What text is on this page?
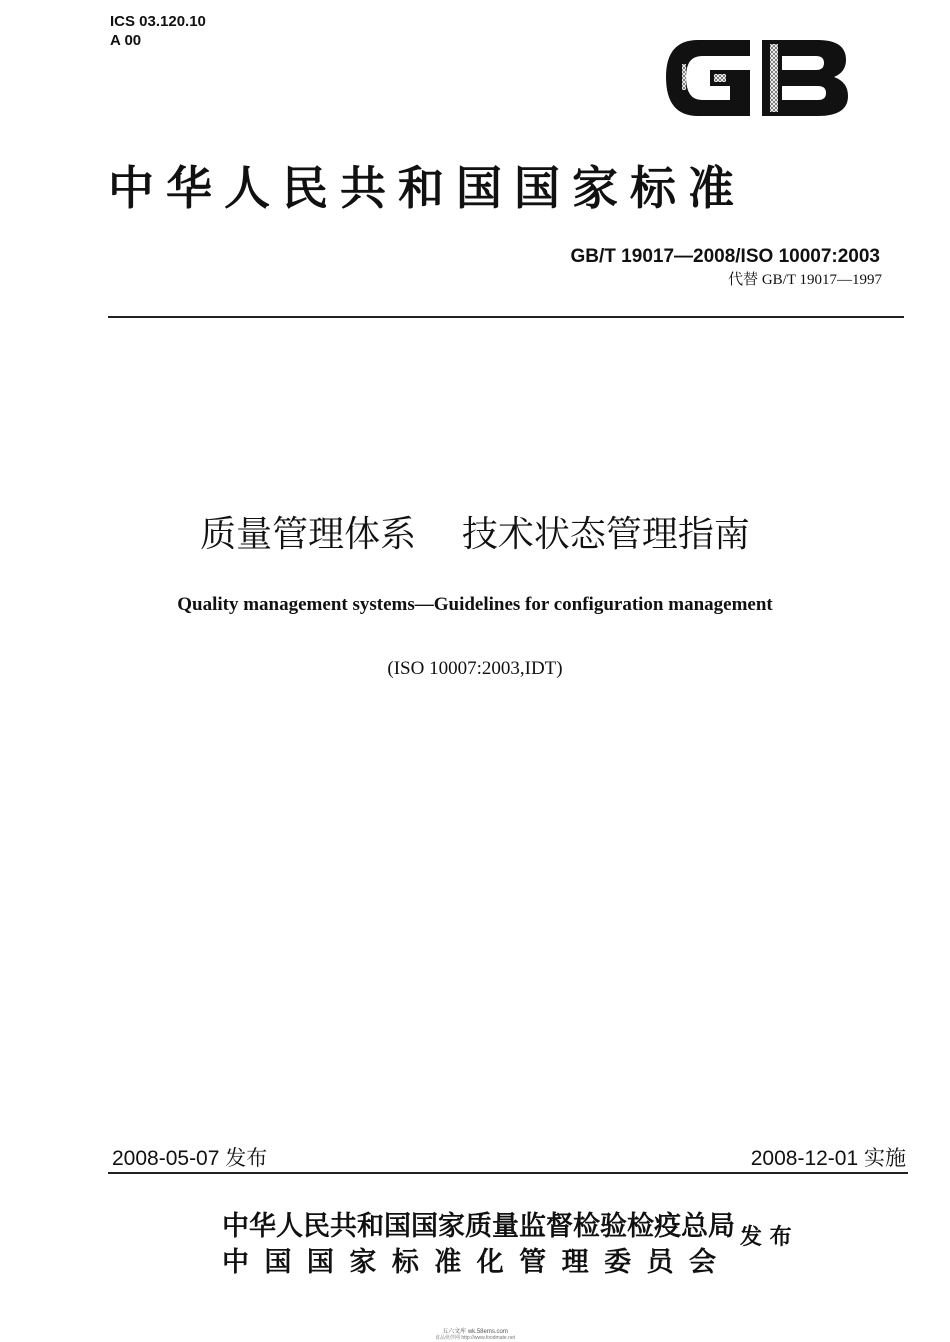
ICS 03.120.10
A 00
中华人民共和国国家标准
GB/T 19017—2008/ISO 10007:2003
代替 GB/T 19017—1997
质量管理体系    技术状态管理指南
Quality management systems—Guidelines for configuration management
(ISO 10007:2003,IDT)
2008-05-07 发布	2008-12-01 实施
中华人民共和国国家质量监督检验检疫总局
中国国家标准化管理委员会
发 布
五六文库 wk.58ems.com
食品伙伴网 http://www.foodmate.net
